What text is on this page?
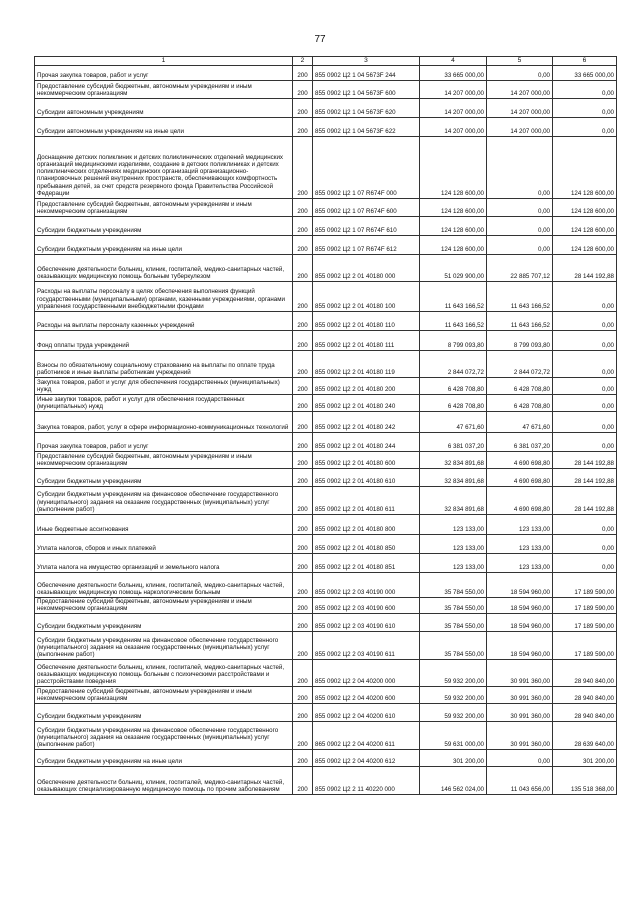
77
1	2	3	4	5	6
Прочая закупка товаров, работ и услуг	200	855 0902 Ц2 1 04 5673F 244	33 665 000,00	0,00	33 665 000,00
Предоставление субсидий бюджетным, автономным учреждениям и иным некоммерческим организациям	200	855 0902 Ц2 1 04 5673F 600	14 207 000,00	14 207 000,00	0,00
Субсидии автономным учреждениям	200	855 0902 Ц2 1 04 5673F 620	14 207 000,00	14 207 000,00	0,00
Субсидии автономным учреждениям на иные цели	200	855 0902 Ц2 1 04 5673F 622	14 207 000,00	14 207 000,00	0,00
Доснащение детских поликлиник и детских поликлинических отделений медицинских организаций медицинскими изделиями, создание в детских поликлиниках и детских поликлинических отделениях медицинских организаций организационно-планировочных решений внутренних пространств, обеспечивающих комфортность пребывания детей, за счет средств резервного фонда Правительства Российской Федерации	200	855 0902 Ц2 1 07 R674F 000	124 128 600,00	0,00	124 128 600,00
Предоставление субсидий бюджетным, автономным учреждениям и иным некоммерческим организациям	200	855 0902 Ц2 1 07 R674F 600	124 128 600,00	0,00	124 128 600,00
Субсидии бюджетным учреждениям	200	855 0902 Ц2 1 07 R674F 610	124 128 600,00	0,00	124 128 600,00
Субсидии бюджетным учреждениям на иные цели	200	855 0902 Ц2 1 07 R674F 612	124 128 600,00	0,00	124 128 600,00
Обеспечение деятельности больниц, клиник, госпиталей, медико-санитарных частей, оказывающих медицинскую помощь больным туберкулезом	200	855 0902 Ц2 2 01 40180 000	51 029 900,00	22 885 707,12	28 144 192,88
Расходы на выплаты персоналу в целях обеспечения выполнения функций государственными (муниципальными) органами, казенными учреждениями, органами управления государственными внебюджетными фондами	200	855 0902 Ц2 2 01 40180 100	11 643 166,52	11 643 166,52	0,00
Расходы на выплаты персоналу казенных учреждений	200	855 0902 Ц2 2 01 40180 110	11 643 166,52	11 643 166,52	0,00
Фонд оплаты труда учреждений	200	855 0902 Ц2 2 01 40180 111	8 799 093,80	8 799 093,80	0,00
Взносы по обязательному социальному страхованию на выплаты по оплате труда работников и иные выплаты работникам учреждений	200	855 0902 Ц2 2 01 40180 119	2 844 072,72	2 844 072,72	0,00
Закупка товаров, работ и услуг для обеспечения государственных (муниципальных) нужд	200	855 0902 Ц2 2 01 40180 200	6 428 708,80	6 428 708,80	0,00
Иные закупки товаров, работ и услуг для обеспечения государственных (муниципальных) нужд	200	855 0902 Ц2 2 01 40180 240	6 428 708,80	6 428 708,80	0,00
Закупка товаров, работ, услуг в сфере информационно-коммуникационных технологий	200	855 0902 Ц2 2 01 40180 242	47 671,60	47 671,60	0,00
Прочая закупка товаров, работ и услуг	200	855 0902 Ц2 2 01 40180 244	6 381 037,20	6 381 037,20	0,00
Предоставление субсидий бюджетным, автономным учреждениям и иным некоммерческим организациям	200	855 0902 Ц2 2 01 40180 600	32 834 891,68	4 690 698,80	28 144 192,88
Субсидии бюджетным учреждениям	200	855 0902 Ц2 2 01 40180 610	32 834 891,68	4 690 698,80	28 144 192,88
Субсидии бюджетным учреждениям на финансовое обеспечение государственного (муниципального) задания на оказание государственных (муниципальных) услуг (выполнение работ)	200	855 0902 Ц2 2 01 40180 611	32 834 891,68	4 690 698,80	28 144 192,88
Иные бюджетные ассигнования	200	855 0902 Ц2 2 01 40180 800	123 133,00	123 133,00	0,00
Уплата налогов, сборов и иных платежей	200	855 0902 Ц2 2 01 40180 850	123 133,00	123 133,00	0,00
Уплата налога на имущество организаций и земельного налога	200	855 0902 Ц2 2 01 40180 851	123 133,00	123 133,00	0,00
Обеспечение деятельности больниц, клиник, госпиталей, медико-санитарных частей, оказывающих медицинскую помощь наркологическим больным	200	855 0902 Ц2 2 03 40190 000	35 784 550,00	18 594 960,00	17 189 590,00
Предоставление субсидий бюджетным, автономным учреждениям и иным некоммерческим организациям	200	855 0902 Ц2 2 03 40190 600	35 784 550,00	18 594 960,00	17 189 590,00
Субсидии бюджетным учреждениям	200	855 0902 Ц2 2 03 40190 610	35 784 550,00	18 594 960,00	17 189 590,00
Субсидии бюджетным учреждениям на финансовое обеспечение государственного (муниципального) задания на оказание государственных (муниципальных) услуг (выполнение работ)	200	855 0902 Ц2 2 03 40190 611	35 784 550,00	18 594 960,00	17 189 590,00
Обеспечение деятельности больниц, клиник, госпиталей, медико-санитарных частей, оказывающих медицинскую помощь больным с психическими расстройствами и расстройствами поведения	200	855 0902 Ц2 2 04 40200 000	59 932 200,00	30 991 360,00	28 940 840,00
Предоставление субсидий бюджетным, автономным учреждениям и иным некоммерческим организациям	200	855 0902 Ц2 2 04 40200 600	59 932 200,00	30 991 360,00	28 940 840,00
Субсидии бюджетным учреждениям	200	855 0902 Ц2 2 04 40200 610	59 932 200,00	30 991 360,00	28 940 840,00
Субсидии бюджетным учреждениям на финансовое обеспечение государственного (муниципального) задания на оказание государственных (муниципальных) услуг (выполнение работ)	200	865 0902 Ц2 2 04 40200 611	59 631 000,00	30 991 360,00	28 639 640,00
Субсидии бюджетным учреждениям на иные цели	200	855 0902 Ц2 2 04 40200 612	301 200,00	0,00	301 200,00
Обеспечение деятельности больниц, клиник, госпиталей, медико-санитарных частей, оказывающих специализированную медицинскую помощь по прочим заболеваниям	200	855 0902 Ц2 2 11 40220 000	146 562 024,00	11 043 656,00	135 518 368,00
